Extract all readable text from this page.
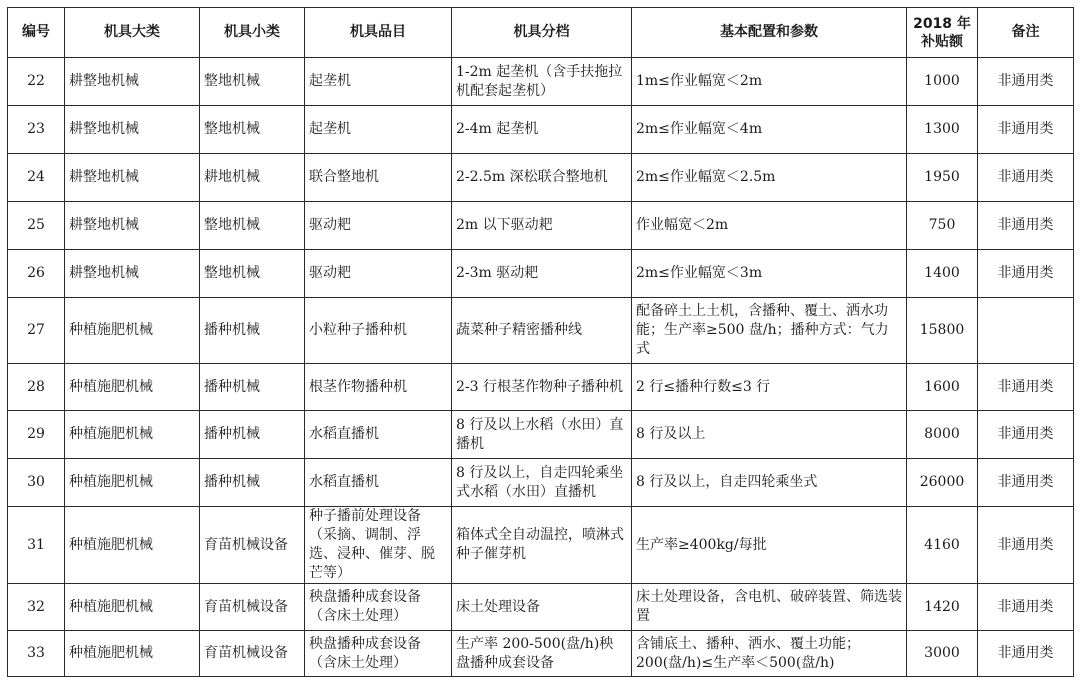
编号	机具大类	机具小类	机具品目	机具分档	基本配置和参数	2018 年
补贴额	备注
22	耕整地机械	整地机械	起垄机	1-2m 起垄机（含手扶拖拉机配套起垄机）	1m≤作业幅宽＜2m	1000	非通用类
23	耕整地机械	整地机械	起垄机	2-4m 起垄机	2m≤作业幅宽＜4m	1300	非通用类
24	耕整地机械	耕地机械	联合整地机	2-2.5m 深松联合整地机	2m≤作业幅宽＜2.5m	1950	非通用类
25	耕整地机械	整地机械	驱动耙	2m 以下驱动耙	作业幅宽＜2m	750	非通用类
26	耕整地机械	整地机械	驱动耙	2-3m 驱动耙	2m≤作业幅宽＜3m	1400	非通用类
27	种植施肥机械	播种机械	小粒种子播种机	蔬菜种子精密播种线	配备碎土上土机，含播种、覆土、洒水功能；生产率≥500 盘/h；播种方式：气力式	15800	
28	种植施肥机械	播种机械	根茎作物播种机	2-3 行根茎作物种子播种机	2 行≤播种行数≤3 行	1600	非通用类
29	种植施肥机械	播种机械	水稻直播机	8 行及以上水稻（水田）直播机	8 行及以上	8000	非通用类
30	种植施肥机械	播种机械	水稻直播机	8 行及以上，自走四轮乘坐式水稻（水田）直播机	8 行及以上，自走四轮乘坐式	26000	非通用类
31	种植施肥机械	育苗机械设备	种子播前处理设备（采摘、调制、浮选、浸种、催芽、脱芒等）	箱体式全自动温控，喷淋式种子催芽机	生产率≥400kg/每批	4160	非通用类
32	种植施肥机械	育苗机械设备	秧盘播种成套设备（含床土处理）	床土处理设备	床土处理设备，含电机、破碎装置、筛选装置	1420	非通用类
33	种植施肥机械	育苗机械设备	秧盘播种成套设备（含床土处理）	生产率 200-500(盘/h)秧盘播种成套设备	含铺底土、播种、洒水、覆土功能；200(盘/h)≤生产率＜500(盘/h)	3000	非通用类
